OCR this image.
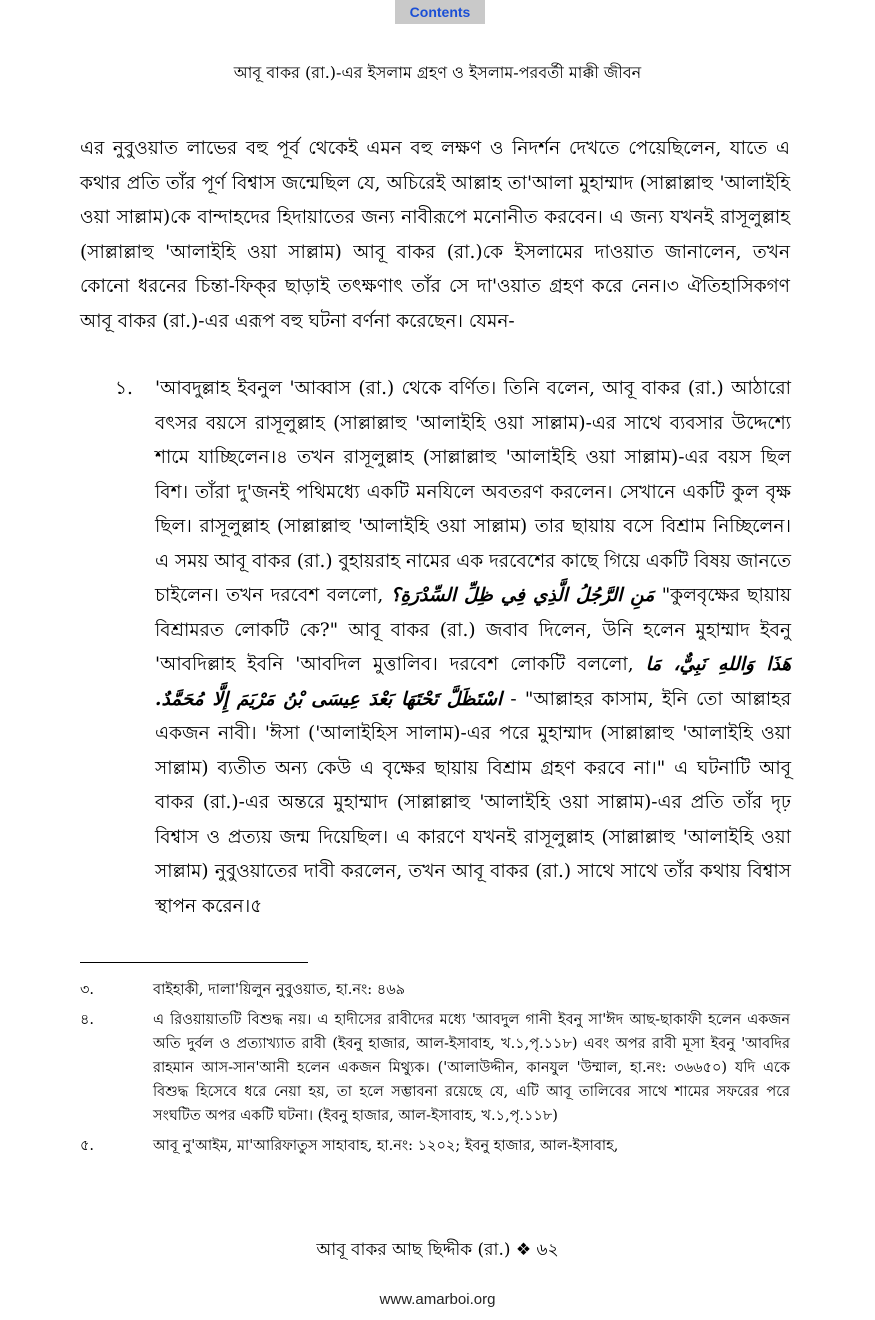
Contents
আবূ বাকর (রা.)-এর ইসলাম গ্রহণ ও ইসলাম-পরবর্তী মাক্কী জীবন

এর নুবুওয়াত লাভের বহু পূর্ব থেকেই এমন বহু লক্ষণ ও নিদর্শন দেখতে পেয়েছিলেন, যাতে এ কথার প্রতি তাঁর পূর্ণ বিশ্বাস জন্মেছিল যে, অচিরেই আল্লাহ তা'আলা মুহাম্মাদ (সাল্লাল্লাহু 'আলাইহি ওয়া সাল্লাম)কে বান্দাহদের হিদায়াতের জন্য নাবীরূপে মনোনীত করবেন। এ জন্য যখনই রাসূলুল্লাহ (সাল্লাল্লাহু 'আলাইহি ওয়া সাল্লাম) আবূ বাকর (রা.)কে ইসলামের দাওয়াত জানালেন, তখন কোনো ধরনের চিন্তা-ফিক্‌র ছাড়াই তৎক্ষণাৎ তাঁর সে দা'ওয়াত গ্রহণ করে নেন।৩ ঐতিহাসিকগণ আবূ বাকর (রা.)-এর এরূপ বহু ঘটনা বর্ণনা করেছেন। যেমন-

১.	'আবদুল্লাহ ইবনুল 'আব্বাস (রা.) থেকে বর্ণিত। তিনি বলেন, আবূ বাকর (রা.) আঠারো বৎসর বয়সে রাসূলুল্লাহ (সাল্লাল্লাহু 'আলাইহি ওয়া সাল্লাম)-এর সাথে ব্যবসার উদ্দেশ্যে শামে যাচ্ছিলেন।৪ তখন রাসূলুল্লাহ (সাল্লাল্লাহু 'আলাইহি ওয়া সাল্লাম)-এর বয়স ছিল বিশ। তাঁরা দু'জনই পথিমধ্যে একটি মনযিলে অবতরণ করলেন। সেখানে একটি কুল বৃক্ষ ছিল। রাসূলুল্লাহ (সাল্লাল্লাহু 'আলাইহি ওয়া সাল্লাম) তার ছায়ায় বসে বিশ্রাম নিচ্ছিলেন। এ সময় আবূ বাকর (রা.) বুহায়রাহ নামের এক দরবেশের কাছে গিয়ে একটি বিষয় জানতে চাইলেন। তখন দরবেশ বললো, مَنِ الرَّجُلُ الَّذِي فِي ظِلِّ السِّدْرَةِ؟ "কুলবৃক্ষের ছায়ায় বিশ্রামরত লোকটি কে?" আবূ বাকর (রা.) জবাব দিলেন, উনি হলেন মুহাম্মাদ ইবনু 'আবদিল্লাহ ইবনি 'আবদিল মুত্তালিব। দরবেশ লোকটি বললো, هَذَا وَاللهِ نَبِيٌّ، مَا اسْتَظَلَّ تَحْتَهَا بَعْدَ عِيسَى بْنُ مَرْيَمَ إِلَّا مُحَمَّدٌ. - "আল্লাহর কাসাম, ইনি তো আল্লাহর একজন নাবী। 'ঈসা ('আলাইহিস সালাম)-এর পরে মুহাম্মাদ (সাল্লাল্লাহু 'আলাইহি ওয়া সাল্লাম) ব্যতীত অন্য কেউ এ বৃক্ষের ছায়ায় বিশ্রাম গ্রহণ করবে না।" এ ঘটনাটি আবূ বাকর (রা.)-এর অন্তরে মুহাম্মাদ (সাল্লাল্লাহু 'আলাইহি ওয়া সাল্লাম)-এর প্রতি তাঁর দৃঢ় বিশ্বাস ও প্রত্যয় জন্ম দিয়েছিল। এ কারণে যখনই রাসূলুল্লাহ (সাল্লাল্লাহু 'আলাইহি ওয়া সাল্লাম) নুবুওয়াতের দাবী করলেন, তখন আবূ বাকর (রা.) সাথে সাথে তাঁর কথায় বিশ্বাস স্থাপন করেন।৫
৩.	বাইহাকী, দালা'য়িলুন নুবুওয়াত, হা.নং: ৪৬৯
৪.	এ রিওয়ায়াতটি বিশুদ্ধ নয়। এ হাদীসের রাবীদের মধ্যে 'আবদুল গানী ইবনু সা'ঈদ আছ-ছাকাফী হলেন একজন অতি দুর্বল ও প্রত্যাখ্যাত রাবী (ইবনু হাজার, আল-ইসাবাহ, খ.১,পৃ.১১৮) এবং অপর রাবী মূসা ইবনু 'আবদির রাহমান আস-সান'আনী হলেন একজন মিথ্যুক। ('আলাউদ্দীন, কানযুল 'উম্মাল, হা.নং: ৩৬৬৫০) যদি একে বিশুদ্ধ হিসেবে ধরে নেয়া হয়, তা হলে সম্ভাবনা রয়েছে যে, এটি আবূ তালিবের সাথে শামের সফরের পরে সংঘটিত অপর একটি ঘটনা। (ইবনু হাজার, আল-ইসাবাহ, খ.১,পৃ.১১৮)
৫.	আবূ নু'আইম, মা'আরিফাতুস সাহাবাহ, হা.নং: ১২০২; ইবনু হাজার, আল-ইসাবাহ,
আবূ বাকর আছ ছিদ্দীক (রা.) ❖ ৬২
www.amarboi.org
